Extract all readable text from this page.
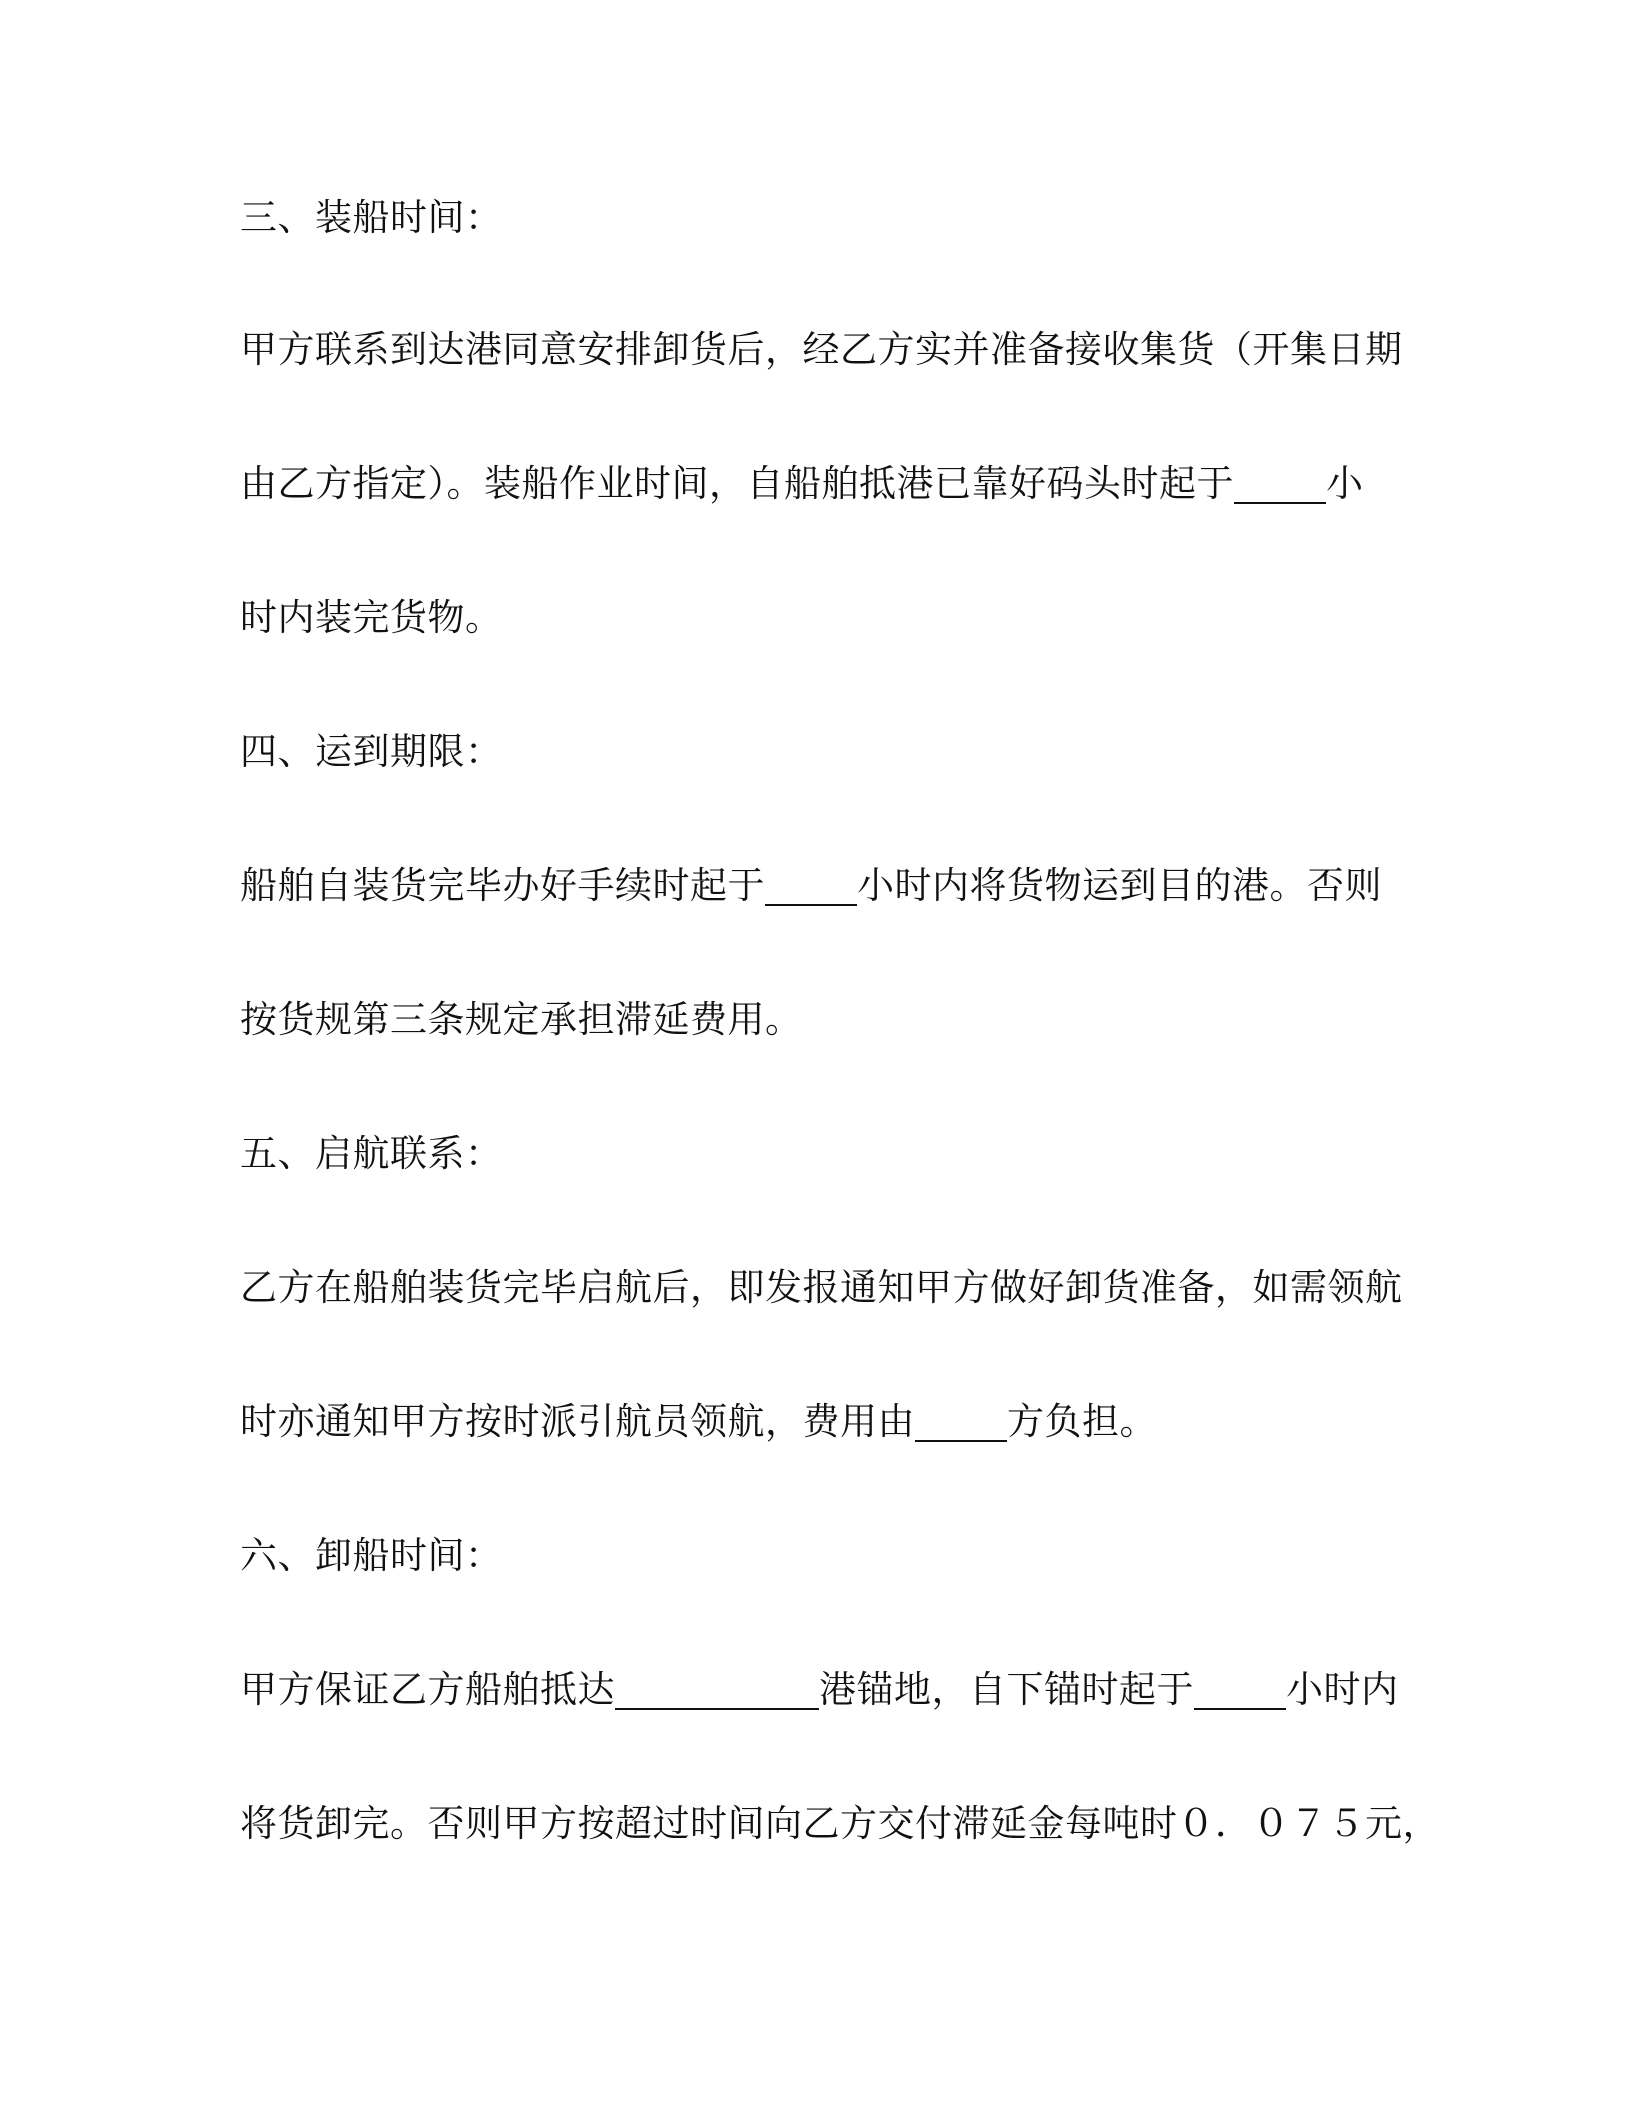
三、装船时间：
甲方联系到达港同意安排卸货后，经乙方实并准备接收集货（开集日期
由乙方指定）。装船作业时间，自船舶抵港已靠好码头时起于 小
时内装完货物。
四、运到期限：
船舶自装货完毕办好手续时起于 小时内将货物运到目的港。否则
按货规第三条规定承担滞延费用。
五、启航联系：
乙方在船舶装货完毕启航后，即发报通知甲方做好卸货准备，如需领航
时亦通知甲方按时派引航员领航，费用由 方负担。
六、卸船时间：
甲方保证乙方船舶抵达	港锚地，自下锚时起于 小时内
将货卸完。否则甲方按超过时间向乙方交付滞延金每吨时０．０７５元，
